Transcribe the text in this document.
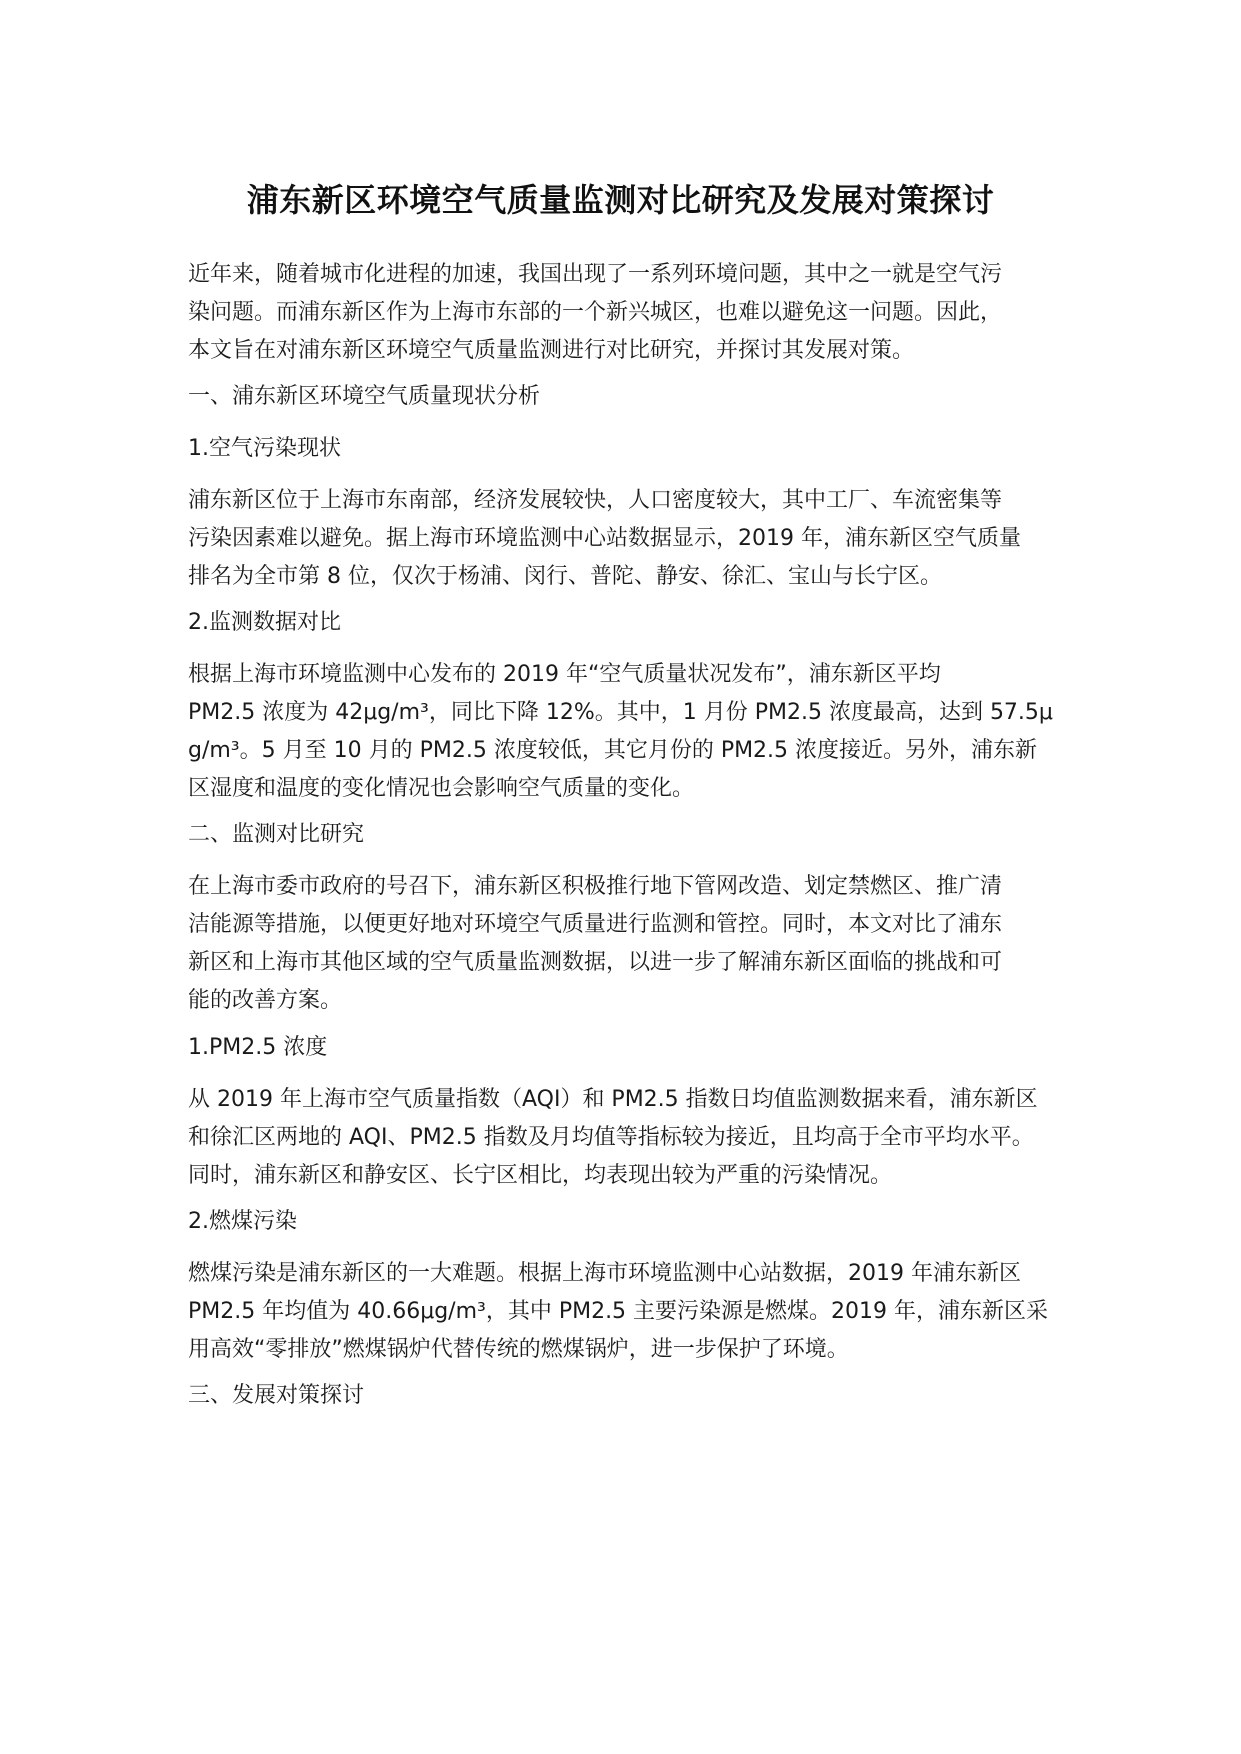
浦东新区环境空气质量监测对比研究及发展对策探讨
近年来，随着城市化进程的加速，我国出现了一系列环境问题，其中之一就是空气污
染问题。而浦东新区作为上海市东部的一个新兴城区，也难以避免这一问题。因此，
本文旨在对浦东新区环境空气质量监测进行对比研究，并探讨其发展对策。
一、浦东新区环境空气质量现状分析
1.空气污染现状
浦东新区位于上海市东南部，经济发展较快，人口密度较大，其中工厂、车流密集等
污染因素难以避免。据上海市环境监测中心站数据显示，2019 年，浦东新区空气质量
排名为全市第 8 位，仅次于杨浦、闵行、普陀、静安、徐汇、宝山与长宁区。
2.监测数据对比
根据上海市环境监测中心发布的 2019 年“空气质量状况发布”，浦东新区平均
PM2.5 浓度为 42μg/m³，同比下降 12%。其中，1 月份 PM2.5 浓度最高，达到 57.5μ
g/m³。5 月至 10 月的 PM2.5 浓度较低，其它月份的 PM2.5 浓度接近。另外，浦东新
区湿度和温度的变化情况也会影响空气质量的变化。
二、监测对比研究
在上海市委市政府的号召下，浦东新区积极推行地下管网改造、划定禁燃区、推广清
洁能源等措施，以便更好地对环境空气质量进行监测和管控。同时，本文对比了浦东
新区和上海市其他区域的空气质量监测数据，以进一步了解浦东新区面临的挑战和可
能的改善方案。
1.PM2.5 浓度
从 2019 年上海市空气质量指数（AQI）和 PM2.5 指数日均值监测数据来看，浦东新区
和徐汇区两地的 AQI、PM2.5 指数及月均值等指标较为接近，且均高于全市平均水平。
同时，浦东新区和静安区、长宁区相比，均表现出较为严重的污染情况。
2.燃煤污染
燃煤污染是浦东新区的一大难题。根据上海市环境监测中心站数据，2019 年浦东新区
PM2.5 年均值为 40.66μg/m³，其中 PM2.5 主要污染源是燃煤。2019 年，浦东新区采
用高效“零排放”燃煤锅炉代替传统的燃煤锅炉，进一步保护了环境。
三、发展对策探讨
